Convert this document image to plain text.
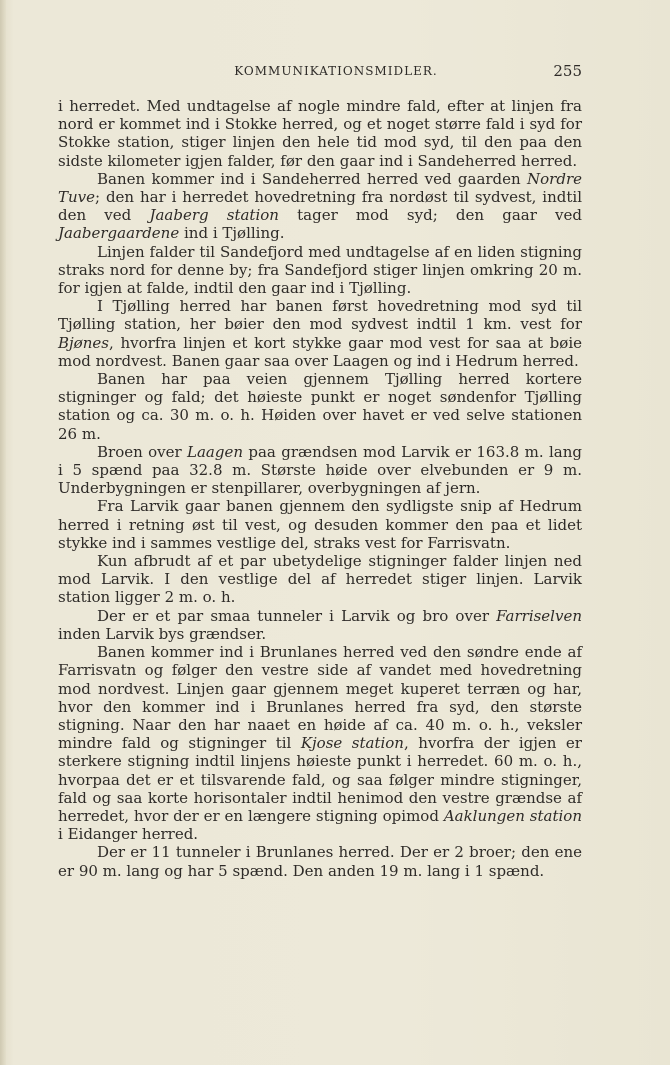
KOMMUNIKATIONSMIDLER.	255

i herredet. Med undtagelse af nogle mindre fald, efter at linjen fra nord er kommet ind i Stokke herred, og et noget større fald i syd for Stokke station, stiger linjen den hele tid mod syd, til den paa den sidste kilometer igjen falder, før den gaar ind i Sandeherred herred.

Banen kommer ind i Sandeherred herred ved gaarden Nordre Tuve; den har i herredet hovedretning fra nordøst til sydvest, indtil den ved Jaaberg station tager mod syd; den gaar ved Jaabergaardene ind i Tjølling.

Linjen falder til Sandefjord med undtagelse af en liden stigning straks nord for denne by; fra Sandefjord stiger linjen omkring 20 m. for igjen at falde, indtil den gaar ind i Tjølling.

I Tjølling herred har banen først hovedretning mod syd til Tjølling station, her bøier den mod sydvest indtil 1 km. vest for Bjønes, hvorfra linjen et kort stykke gaar mod vest for saa at bøie mod nordvest. Banen gaar saa over Laagen og ind i Hedrum herred.

Banen har paa veien gjennem Tjølling herred kortere stigninger og fald; det høieste punkt er noget søndenfor Tjølling station og ca. 30 m. o. h. Høiden over havet er ved selve stationen 26 m.

Broen over Laagen paa grændsen mod Larvik er 163.8 m. lang i 5 spænd paa 32.8 m. Største høide over elvebunden er 9 m. Underbygningen er stenpillarer, overbygningen af jern.

Fra Larvik gaar banen gjennem den sydligste snip af Hedrum herred i retning øst til vest, og desuden kommer den paa et lidet stykke ind i sammes vestlige del, straks vest for Farrisvatn.

Kun afbrudt af et par ubetydelige stigninger falder linjen ned mod Larvik. I den vestlige del af herredet stiger linjen. Larvik station ligger 2 m. o. h.

Der er et par smaa tunneler i Larvik og bro over Farriselven inden Larvik bys grændser.

Banen kommer ind i Brunlanes herred ved den søndre ende af Farrisvatn og følger den vestre side af vandet med hovedretning mod nordvest. Linjen gaar gjennem meget kuperet terræn og har, hvor den kommer ind i Brunlanes herred fra syd, den største stigning. Naar den har naaet en høide af ca. 40 m. o. h., veksler mindre fald og stigninger til Kjose station, hvorfra der igjen er sterkere stigning indtil linjens høieste punkt i herredet. 60 m. o. h., hvorpaa det er et tilsvarende fald, og saa følger mindre stigninger, fald og saa korte horisontaler indtil henimod den vestre grændse af herredet, hvor der er en længere stigning opimod Aaklungen station i Eidanger herred.

Der er 11 tunneler i Brunlanes herred. Der er 2 broer; den ene er 90 m. lang og har 5 spænd. Den anden 19 m. lang i 1 spænd.
